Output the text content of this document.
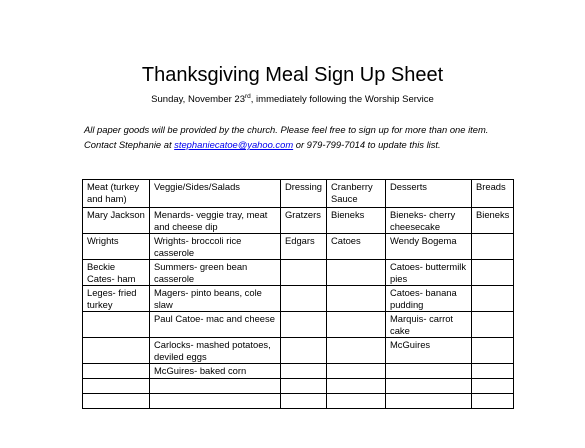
Thanksgiving Meal Sign Up Sheet
Sunday, November 23rd, immediately following the Worship Service
All paper goods will be provided by the church. Please feel free to sign up for more than one item.
Contact Stephanie at stephaniecatoe@yahoo.com or 979-799-7014 to update this list.
Meat (turkey and ham)	Veggie/Sides/Salads	Dressing	Cranberry Sauce	Desserts	Breads
Mary Jackson	Menards- veggie tray, meat and cheese dip	Gratzers	Bieneks	Bieneks- cherry cheesecake	Bieneks
Wrights	Wrights- broccoli rice casserole	Edgars	Catoes	Wendy Bogema	
Beckie Cates- ham	Summers- green bean casserole			Catoes- buttermilk pies	
Leges- fried turkey	Magers- pinto beans, cole slaw			Catoes- banana pudding	
	Paul Catoe- mac and cheese			Marquis- carrot cake	
	Carlocks- mashed potatoes, deviled eggs			McGuires	
	McGuires- baked corn				
